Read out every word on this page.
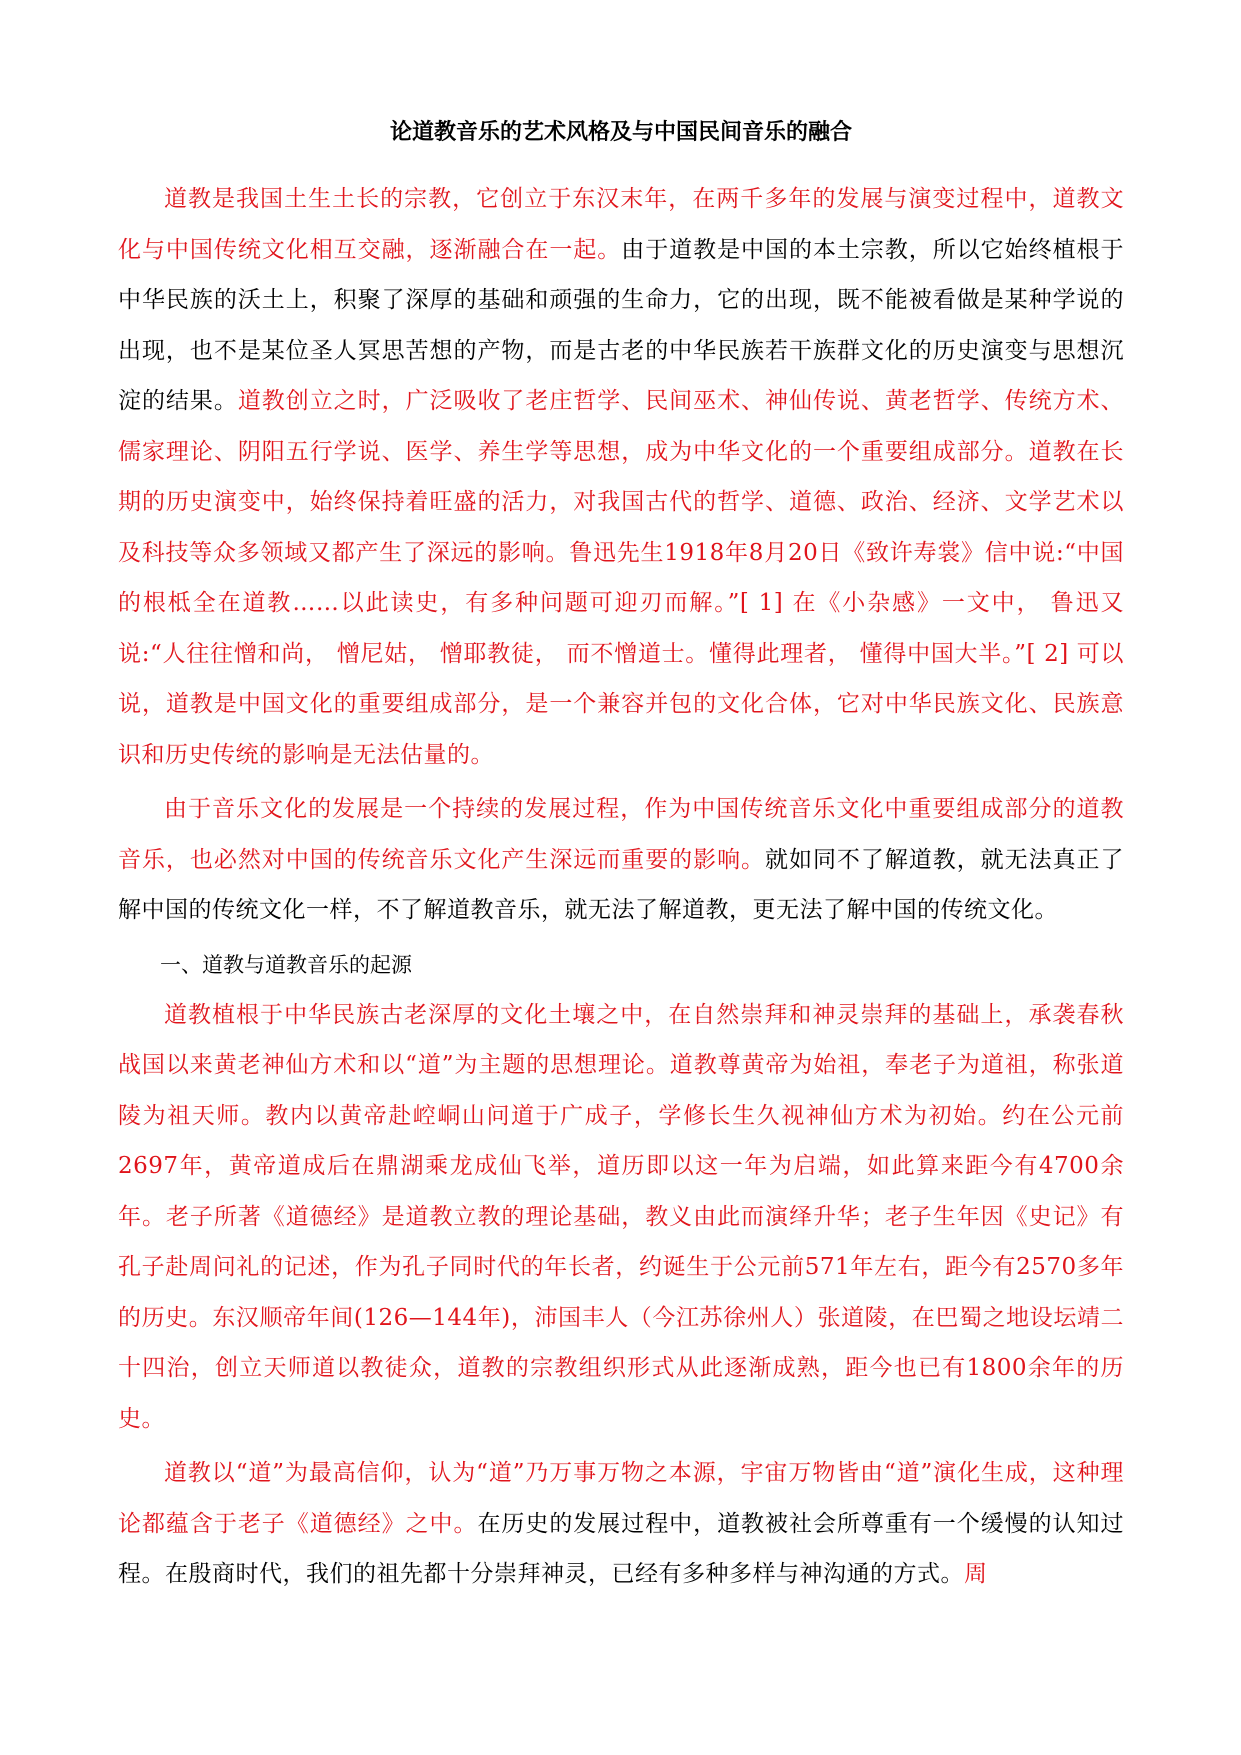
论道教音乐的艺术风格及与中国民间音乐的融合

道教是我国土生土长的宗教，它创立于东汉末年，在两千多年的发展与演变过程中，道教文化与中国传统文化相互交融，逐渐融合在一起。由于道教是中国的本土宗教，所以它始终植根于中华民族的沃土上，积聚了深厚的基础和顽强的生命力，它的出现，既不能被看做是某种学说的出现，也不是某位圣人冥思苦想的产物，而是古老的中华民族若干族群文化的历史演变与思想沉淀的结果。道教创立之时，广泛吸收了老庄哲学、民间巫术、神仙传说、黄老哲学、传统方术、儒家理论、阴阳五行学说、医学、养生学等思想，成为中华文化的一个重要组成部分。道教在长期的历史演变中，始终保持着旺盛的活力，对我国古代的哲学、道德、政治、经济、文学艺术以及科技等众多领域又都产生了深远的影响。鲁迅先生1918年8月20日《致许寿裳》信中说:“中国的根柢全在道教……以此读史，有多种问题可迎刃而解。”[ 1] 在《小杂感》一文中， 鲁迅又说:“人往往憎和尚， 憎尼姑， 憎耶教徒， 而不憎道士。懂得此理者， 懂得中国大半。”[ 2] 可以说，道教是中国文化的重要组成部分，是一个兼容并包的文化合体，它对中华民族文化、民族意识和历史传统的影响是无法估量的。

由于音乐文化的发展是一个持续的发展过程，作为中国传统音乐文化中重要组成部分的道教音乐，也必然对中国的传统音乐文化产生深远而重要的影响。就如同不了解道教，就无法真正了解中国的传统文化一样，不了解道教音乐，就无法了解道教，更无法了解中国的传统文化。

一、道教与道教音乐的起源

道教植根于中华民族古老深厚的文化土壤之中，在自然崇拜和神灵崇拜的基础上，承袭春秋战国以来黄老神仙方术和以“道”为主题的思想理论。道教尊黄帝为始祖，奉老子为道祖，称张道陵为祖天师。教内以黄帝赴崆峒山问道于广成子，学修长生久视神仙方术为初始。约在公元前2697年，黄帝道成后在鼎湖乘龙成仙飞举，道历即以这一年为启端，如此算来距今有4700余年。老子所著《道德经》是道教立教的理论基础，教义由此而演绎升华；老子生年因《史记》有孔子赴周问礼的记述，作为孔子同时代的年长者，约诞生于公元前571年左右，距今有2570多年的历史。东汉顺帝年间(126—144年)，沛国丰人（今江苏徐州人）张道陵，在巴蜀之地设坛靖二十四治，创立天师道以教徒众，道教的宗教组织形式从此逐渐成熟，距今也已有1800余年的历史。

道教以“道”为最高信仰，认为“道”乃万事万物之本源，宇宙万物皆由“道”演化生成，这种理论都蕴含于老子《道德经》之中。在历史的发展过程中，道教被社会所尊重有一个缓慢的认知过程。在殷商时代，我们的祖先都十分崇拜神灵，已经有多种多样与神沟通的方式。周
